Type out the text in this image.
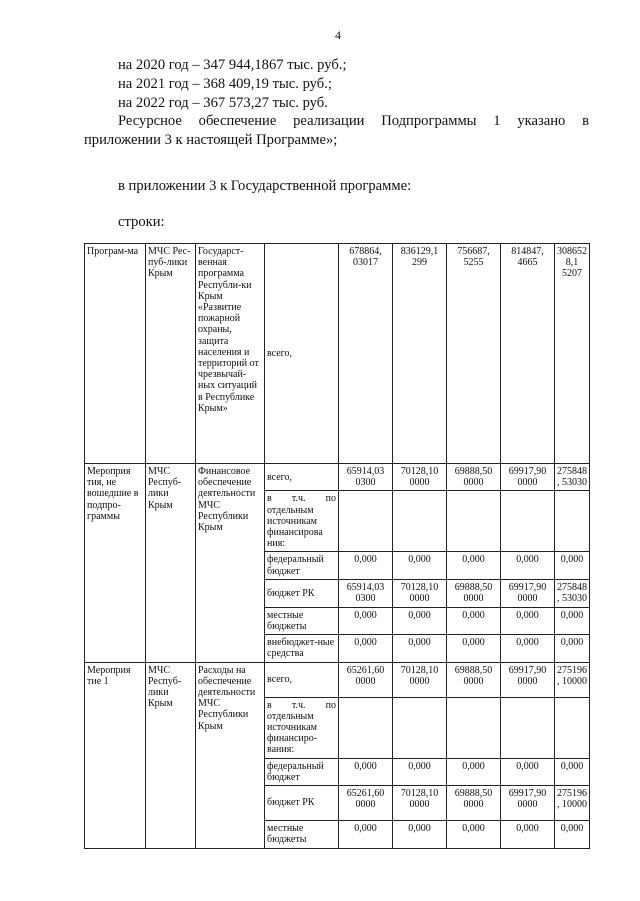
4
на 2020 год – 347 944,1867 тыс. руб.;
на 2021 год – 368 409,19 тыс. руб.;
на 2022 год – 367 573,27 тыс. руб.
Ресурсное обеспечение реализации Подпрограммы 1 указано в
приложении 3 к настоящей Программе»;
в приложении 3 к Государственной программе:
строки:
Програм-ма	МЧС Рес-пуб-лики Крым	Государст-венная программа Республи-ки Крым «Развитие пожарной охраны, защита населения и территорий от чрезвычай-ных ситуаций в Республике Крым»	всего,	678864, 03017	836129,1 299	756687, 5255	814847, 4665	3086528,1 5207
Мероприя тия, не вошедшие в подпро-граммы	МЧС Респуб-лики Крым	Финансовое обеспечение деятельности МЧС Республики Крым	всего,	65914,03 0300	70128,10 0000	69888,50 0000	69917,90 0000	275848, 53030
			в т.ч. по отдельным источникам финансирова ния:					
			федеральный бюджет	0,000	0,000	0,000	0,000	0,000
			бюджет РК	65914,03 0300	70128,10 0000	69888,50 0000	69917,90 0000	275848, 53030
			местные бюджеты	0,000	0,000	0,000	0,000	0,000
			внебюджет-ные средства	0,000	0,000	0,000	0,000	0,000
Мероприя тие 1	МЧС Респуб-лики Крым	Расходы на обеспечение деятельности МЧС Республики Крым	всего,	65261,60 0000	70128,10 0000	69888,50 0000	69917,90 0000	275196, 10000
			в т.ч. по отдельным источникам финансиро-вания:					
			федеральный бюджет	0,000	0,000	0,000	0,000	0,000
			бюджет РК	65261,60 0000	70128,10 0000	69888,50 0000	69917,90 0000	275196, 10000
			местные бюджеты	0,000	0,000	0,000	0,000	0,000
